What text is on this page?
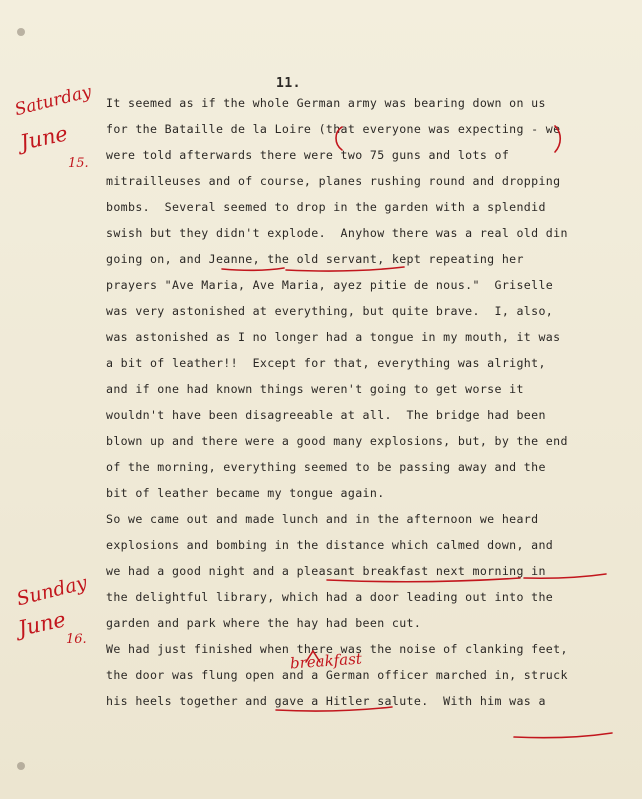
11.
Saturday
June
15.
Sunday
June
16.
breakfast
It seemed as if the whole German army was bearing down on us
for the Bataille de la Loire (that everyone was expecting - we
were told afterwards there were two 75 guns and lots of
mitrailleuses and of course, planes rushing round and dropping
bombs.  Several seemed to drop in the garden with a splendid
swish but they didn't explode.  Anyhow there was a real old din
going on, and Jeanne, the old servant, kept repeating her
prayers "Ave Maria, Ave Maria, ayez pitie de nous."  Griselle
was very astonished at everything, but quite brave.  I, also,
was astonished as I no longer had a tongue in my mouth, it was
a bit of leather!!  Except for that, everything was alright,
and if one had known things weren't going to get worse it
wouldn't have been disagreeable at all.  The bridge had been
blown up and there were a good many explosions, but, by the end
of the morning, everything seemed to be passing away and the
bit of leather became my tongue again.
So we came out and made lunch and in the afternoon we heard
explosions and bombing in the distance which calmed down, and
we had a good night and a pleasant breakfast next morning in
the delightful library, which had a door leading out into the
garden and park where the hay had been cut.
We had just finished when there was the noise of clanking feet,
the door was flung open and a German officer marched in, struck
his heels together and gave a Hitler salute.  With him was a
